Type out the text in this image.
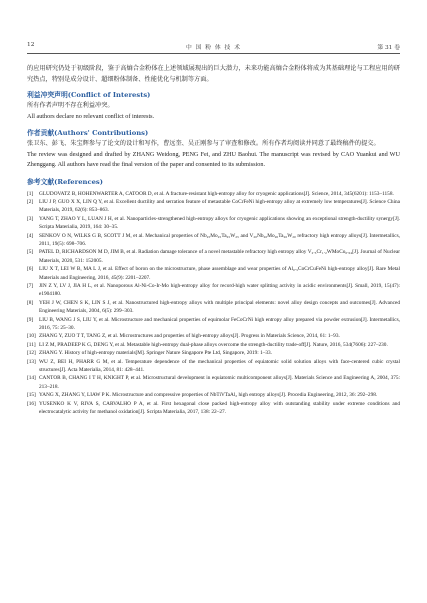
12	中 国 粉 体 技 术	第 31 卷

的应用研究仍处于初级阶段，鉴于高熵合金粉体在上述领域展现出的巨大潜力，未来功能高熵合金粉体将成为其基础理论与工程应用的研究热点，特别是成分设计、超细粉体制备、性能优化与机制等方面。

利益冲突声明(Conflict of Interests)

所有作者声明不存在利益冲突。

All authors declare no relevant conflict of interests.

作者贡献(Authors' Contributions)

张卫东、彭飞、朱宝辉参与了论文的设计和写作，曹远奎、吴正刚参与了审查和修改。所有作者均阅读并同意了最终稿件的提交。

The review was designed and drafted by ZHANG Weidong, PENG Fei, and ZHU Baohui. The manuscript was revised by CAO Yuankui and WU Zhenggang. All authors have read the final version of the paper and consented to its submission.

参考文献(References)

[1] GLUDOVATZ B, HOHENWARTER A, CATOOR D, et al. A fracture-resistant high-entropy alloy for cryogenic applications[J]. Science, 2014, 345(6201): 1153–1158.

[2] LIU J P, GUO X X, LIN Q Y, et al. Excellent ductility and serration feature of metastable CoCrFeNi high-entropy alloy at extremely low temperatures[J]. Science China Materials, 2019, 62(6): 853–863.

[3] YANG T, ZHAO Y L, LUAN J H, et al. Nanoparticles-strengthened high-entropy alloys for cryogenic applications showing an exceptional strength-ductility synergy[J]. Scripta Materialia, 2019, 164: 30–35.

[4] SENKOV O N, WILKS G B, SCOTT J M, et al. Mechanical properties of Nb₂₅Mo₂₅Ta₂₅W₂₅ and V₂₀Nb₂₀Mo₂₀Ta₂₀W₂₀ refractory high entropy alloys[J]. Intermetallics, 2011, 19(5): 698–706.

[5] PATEL D, RICHARDSON M D, JIM B, et al. Radiation damage tolerance of a novel metastable refractory high entropy alloy V₂.₅Cr₁.₂WMoCo₀.₀₄[J]. Journal of Nuclear Materials, 2020, 531: 152005.

[6] LIU X T, LEI W B, MA L J, et al. Effect of boron on the microstructure, phase assemblage and wear properties of Al₀.₅CoCrCuFeNi high-entropy alloy[J]. Rare Metal Materials and Engineering, 2016, 45(9): 2201–2207.

[7] JIN Z Y, LV J, JIA H L, et al. Nanoporous Al-Ni-Co-Ir-Mo high-entropy alloy for record-high water splitting activity in acidic environments[J]. Small, 2019, 15(47): e1904180.

[8] YEH J W, CHEN S K, LIN S J, et al. Nanostructured high-entropy alloys with multiple principal elements: novel alloy design concepts and outcomes[J]. Advanced Engineering Materials, 2004, 6(5): 299–303.

[9] LIU B, WANG J S, LIU Y, et al. Microstructure and mechanical properties of equimolar FeCoCrNi high entropy alloy prepared via powder extrusion[J]. Intermetallics, 2016, 75: 25–30.

[10] ZHANG Y, ZUO T T, TANG Z, et al. Microstructures and properties of high-entropy alloys[J]. Progress in Materials Science, 2014, 61: 1–93.

[11] LI Z M, PRADEEP K G, DENG Y, et al. Metastable high-entropy dual-phase alloys overcome the strength-ductility trade-off[J]. Nature, 2016, 534(7606): 227–230.

[12] ZHANG Y. History of high-entropy materials[M]. Springer Nature Singapore Pte Ltd, Singapore, 2019: 1–33.

[13] WU Z, BEI H, PHARR G M, et al. Temperature dependence of the mechanical properties of equiatomic solid solution alloys with face-centered cubic crystal structures[J]. Acta Materialia, 2014, 81: 428–441.

[14] CANTOR B, CHANG I T H, KNIGHT P, et al. Microstructural development in equiatomic multicomponent alloys[J]. Materials Science and Engineering A, 2004, 375: 213–218.

[15] YANG X, ZHANG Y, LIAW P K. Microstructure and compressive properties of NbTiVTaAl₂ high entropy alloys[J]. Procedia Engineering, 2012, 36: 292–298.

[16] YUSENKO K V, RIVA S, CARVALHO P A, et al. First hexagonal close packed high-entropy alloy with outstanding stability under extreme conditions and electrocatalytic activity for methanol oxidation[J]. Scripta Materialia, 2017, 138: 22–27.
